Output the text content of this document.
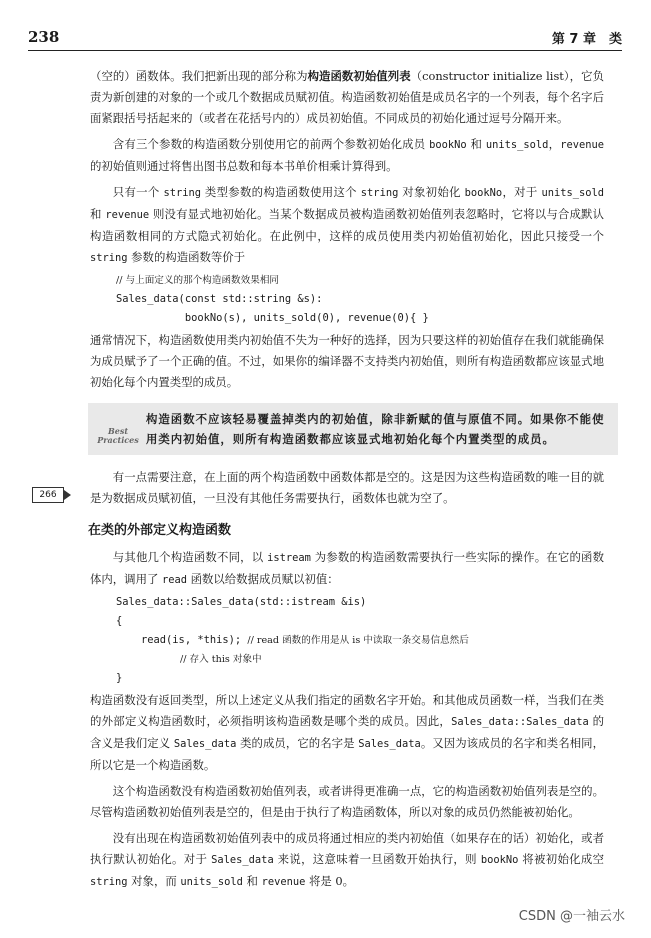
238	第 7 章　类

（空的）函数体。我们把新出现的部分称为构造函数初始值列表（constructor initialize list），它负责为新创建的对象的一个或几个数据成员赋初值。构造函数初始值是成员名字的一个列表，每个名字后面紧跟括号括起来的（或者在花括号内的）成员初始值。不同成员的初始化通过逗号分隔开来。

含有三个参数的构造函数分别使用它的前两个参数初始化成员 bookNo 和 units_sold，revenue 的初始值则通过将售出图书总数和每本书单价相乘计算得到。

只有一个 string 类型参数的构造函数使用这个 string 对象初始化 bookNo，对于 units_sold 和 revenue 则没有显式地初始化。当某个数据成员被构造函数初始值列表忽略时，它将以与合成默认构造函数相同的方式隐式初始化。在此例中，这样的成员使用类内初始值初始化，因此只接受一个 string 参数的构造函数等价于

// 与上面定义的那个构造函数效果相同
Sales_data(const std::string &s):
bookNo(s), units_sold(0), revenue(0){ }

通常情况下，构造函数使用类内初始值不失为一种好的选择，因为只要这样的初始值存在我们就能确保为成员赋予了一个正确的值。不过，如果你的编译器不支持类内初始值，则所有构造函数都应该显式地初始化每个内置类型的成员。

Best
Practices
构造函数不应该轻易覆盖掉类内的初始值，除非新赋的值与原值不同。如果你不能使用类内初始值，则所有构造函数都应该显式地初始化每个内置类型的成员。

有一点需要注意，在上面的两个构造函数中函数体都是空的。这是因为这些构造函数的唯一目的就是为数据成员赋初值，一旦没有其他任务需要执行，函数体也就为空了。

在类的外部定义构造函数

与其他几个构造函数不同，以 istream 为参数的构造函数需要执行一些实际的操作。在它的函数体内，调用了 read 函数以给数据成员赋以初值：

Sales_data::Sales_data(std::istream &is)
{
read(is, *this); // read 函数的作用是从 is 中读取一条交易信息然后
// 存入 this 对象中
}

构造函数没有返回类型，所以上述定义从我们指定的函数名字开始。和其他成员函数一样，当我们在类的外部定义构造函数时，必须指明该构造函数是哪个类的成员。因此，Sales_data::Sales_data 的含义是我们定义 Sales_data 类的成员，它的名字是 Sales_data。又因为该成员的名字和类名相同，所以它是一个构造函数。

这个构造函数没有构造函数初始值列表，或者讲得更准确一点，它的构造函数初始值列表是空的。尽管构造函数初始值列表是空的，但是由于执行了构造函数体，所以对象的成员仍然能被初始化。

没有出现在构造函数初始值列表中的成员将通过相应的类内初始值（如果存在的话）初始化，或者执行默认初始化。对于 Sales_data 来说，这意味着一旦函数开始执行，则 bookNo 将被初始化成空 string 对象，而 units_sold 和 revenue 将是 0。

266
CSDN @一袖云水
